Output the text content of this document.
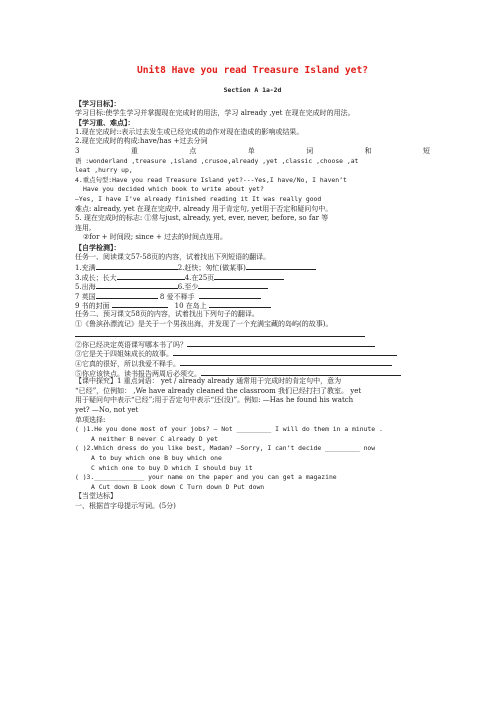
Unit8 Have you read Treasure Island yet?
Section A 1a-2d
【学习目标】：
学习目标:使学生学习并掌握现在完成时的用法，学习 already ,yet 在现在完成时的用法。
【学习重、难点】：
1.现在完成时::表示过去发生或已经完成的动作对现在造成的影响或结果。
2.现在完成时的构成:have/has +过去分词
3	重	点	单	词	和	短
语 :wonderland ,treasure ,island ,crusoe,already ,yet ,classic ,choose ,at
leat ,hurry up,
4.重点句型:Have you read Treasure Island yet?---Yes,I have/No, I haven’t
Have you decided which book to write about yet?
—Yes, I have I’ve already finished reading it It was really good
难点: already, yet 在现在完成中, already 用于肯定句, yet用于否定和疑问句中。
5. 现在完成时的标志: ①常与just, already, yet, ever, never, before, so far 等
连用,
②for + 时间段; since + 过去的时间点连用。
【自学检测】：
任务一、阅读课文57-58页的内容，试着找出下列短语的翻译。
1.充满	2.赶快；匆忙(做某事)
3.成长；长大	4.在25页
5.出海	6.至少
7 英国	8 爱不释手
9 书的封面	10 在岛上
任务二、预习课文58页的内容，试着找出下列句子的翻译。
①《鲁滨孙漂流记》是关于一个男孩出海，并发现了一个充满宝藏的岛屿(的故事)。
②你已经决定英语课写哪本书了吗？
③它是关于四姐妹成长的故事。
④它真的很好，所以我爱不释手。
⑤你应该快点。读书报告两周后必须交。
【课中探究】1 重点词语： yet / already already 通常用于完成时的肯定句中，意为
“已经”，位例如： ,We have already cleaned the classroom 我们已经打扫了教室。 yet
用于疑问句中表示“已经”;用于否定句中表示“还(没)”。例如: —Has he found his watch
yet? —No, not yet
单项选择:
( )1.He you done most of your jobs? — Not _________ I will do them in a minute .
A neither B never C already D yet
( )2.Which dress do you like best, Madam? —Sorry, I can’t decide _________ now
A to buy which one B buy which one
C which one to buy D which I should buy it
( )3._____________ your name on the paper and you can get a magazine
A Cut down B Look down C Turn down D Put down
【当堂达标】
一、根据首字母提示写词。(5分)
